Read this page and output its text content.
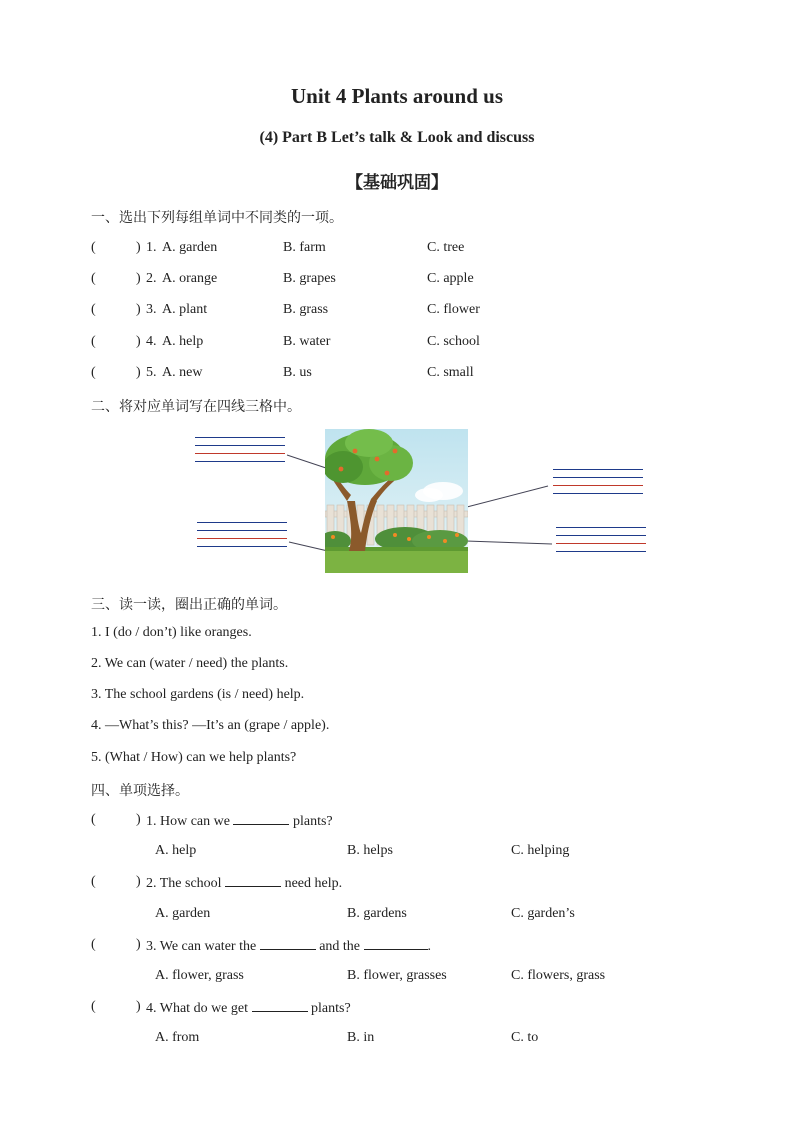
Unit 4 Plants around us
(4) Part B Let’s talk & Look and discuss
【基础巩固】
一、选出下列每组单词中不同类的一项。
(	) 1. A. garden	B. farm	C. tree
(	) 2. A. orange	B. grapes	C. apple
(	) 3. A. plant	B. grass	C. flower
(	) 4. A. help	B. water	C. school
(	) 5. A. new	B. us	C. small
二、将对应单词写在四线三格中。
三、读一读，圈出正确的单词。
1. I (do / don’t) like oranges.
2. We can (water / need) the plants.
3. The school gardens (is / need) help.
4. —What’s this? —It’s an (grape / apple).
5. (What / How) can we help plants?
四、单项选择。
(	) 1. How can we	plants?
A. help	B. helps	C. helping
(	) 2. The school	need help.
A. garden	B. gardens	C. garden’s
(	) 3. We can water the	and the	.
A. flower, grass	B. flower, grasses	C. flowers, grass
(	) 4. What do we get	plants?
A. from	B. in	C. to
